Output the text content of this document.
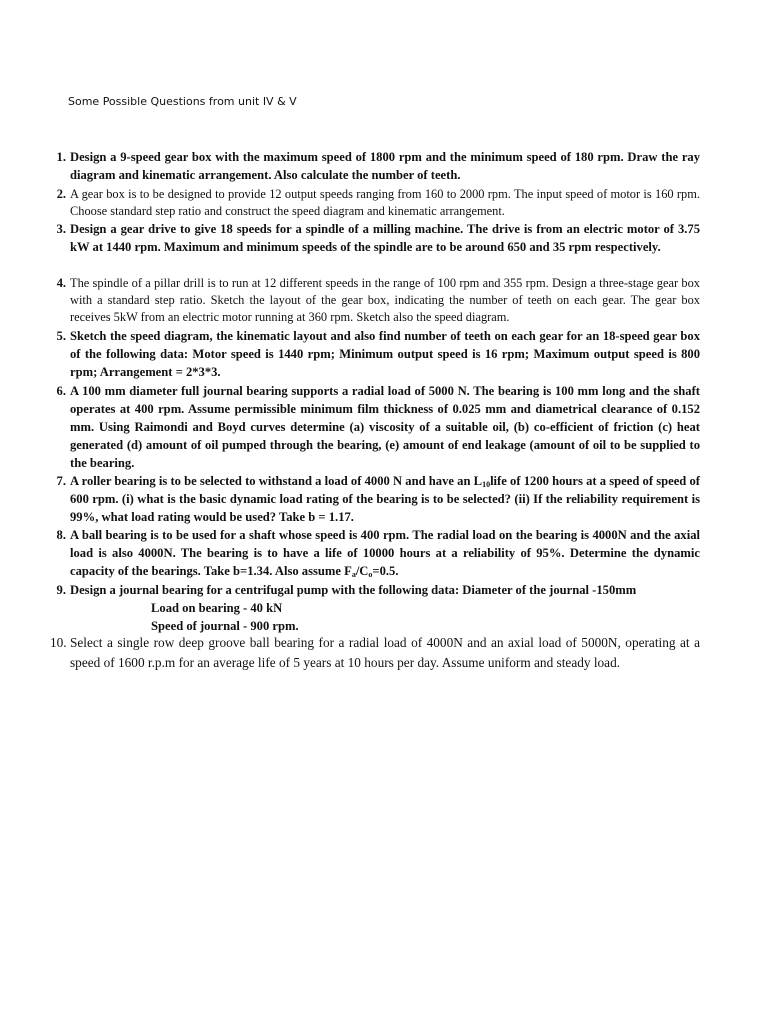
Some Possible Questions from unit IV & V
1. Design a 9-speed gear box with the maximum speed of 1800 rpm and the minimum speed of 180 rpm. Draw the ray diagram and kinematic arrangement. Also calculate the number of teeth.
2. A gear box is to be designed to provide 12 output speeds ranging from 160 to 2000 rpm. The input speed of motor is 160 rpm. Choose standard step ratio and construct the speed diagram and kinematic arrangement.
3. Design a gear drive to give 18 speeds for a spindle of a milling machine. The drive is from an electric motor of 3.75 kW at 1440 rpm. Maximum and minimum speeds of the spindle are to be around 650 and 35 rpm respectively.
4. The spindle of a pillar drill is to run at 12 different speeds in the range of 100 rpm and 355 rpm. Design a three-stage gear box with a standard step ratio. Sketch the layout of the gear box, indicating the number of teeth on each gear. The gear box receives 5kW from an electric motor running at 360 rpm. Sketch also the speed diagram.
5. Sketch the speed diagram, the kinematic layout and also find number of teeth on each gear for an 18-speed gear box of the following data: Motor speed is 1440 rpm; Minimum output speed is 16 rpm; Maximum output speed is 800 rpm; Arrangement = 2*3*3.
6. A 100 mm diameter full journal bearing supports a radial load of 5000 N. The bearing is 100 mm long and the shaft operates at 400 rpm. Assume permissible minimum film thickness of 0.025 mm and diametrical clearance of 0.152 mm. Using Raimondi and Boyd curves determine (a) viscosity of a suitable oil, (b) co-efficient of friction (c) heat generated (d) amount of oil pumped through the bearing, (e) amount of end leakage (amount of oil to be supplied to the bearing.
7. A roller bearing is to be selected to withstand a load of 4000 N and have an L10life of 1200 hours at a speed of speed of 600 rpm. (i) what is the basic dynamic load rating of the bearing is to be selected? (ii) If the reliability requirement is 99%, what load rating would be used? Take b = 1.17.
8. A ball bearing is to be used for a shaft whose speed is 400 rpm. The radial load on the bearing is 4000N and the axial load is also 4000N. The bearing is to have a life of 10000 hours at a reliability of 95%. Determine the dynamic capacity of the bearings. Take b=1.34. Also assume Fa/Co=0.5.
9. Design a journal bearing for a centrifugal pump with the following data: Diameter of the journal -150mm
Load on bearing - 40 kN
Speed of journal - 900 rpm.
10. Select a single row deep groove ball bearing for a radial load of 4000N and an axial load of 5000N, operating at a speed of 1600 r.p.m for an average life of 5 years at 10 hours per day. Assume uniform and steady load.
